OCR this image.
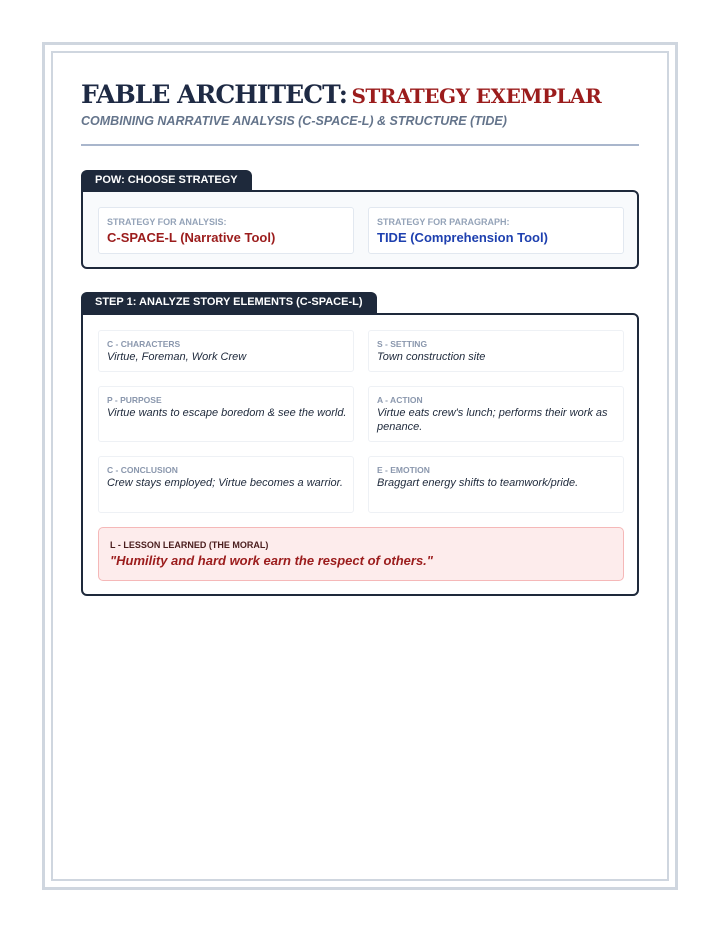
FABLE ARCHITECT: STRATEGY EXEMPLAR
COMBINING NARRATIVE ANALYSIS (C-SPACE-L) & STRUCTURE (TIDE)
POW: CHOOSE STRATEGY
STRATEGY FOR ANALYSIS:
C-SPACE-L (Narrative Tool)
STRATEGY FOR PARAGRAPH:
TIDE (Comprehension Tool)
STEP 1: ANALYZE STORY ELEMENTS (C-SPACE-L)
C - CHARACTERS
Virtue, Foreman, Work Crew
S - SETTING
Town construction site
P - PURPOSE
Virtue wants to escape boredom & see the world.
A - ACTION
Virtue eats crew's lunch; performs their work as penance.
C - CONCLUSION
Crew stays employed; Virtue becomes a warrior.
E - EMOTION
Braggart energy shifts to teamwork/pride.
L - LESSON LEARNED (THE MORAL)
"Humility and hard work earn the respect of others."
